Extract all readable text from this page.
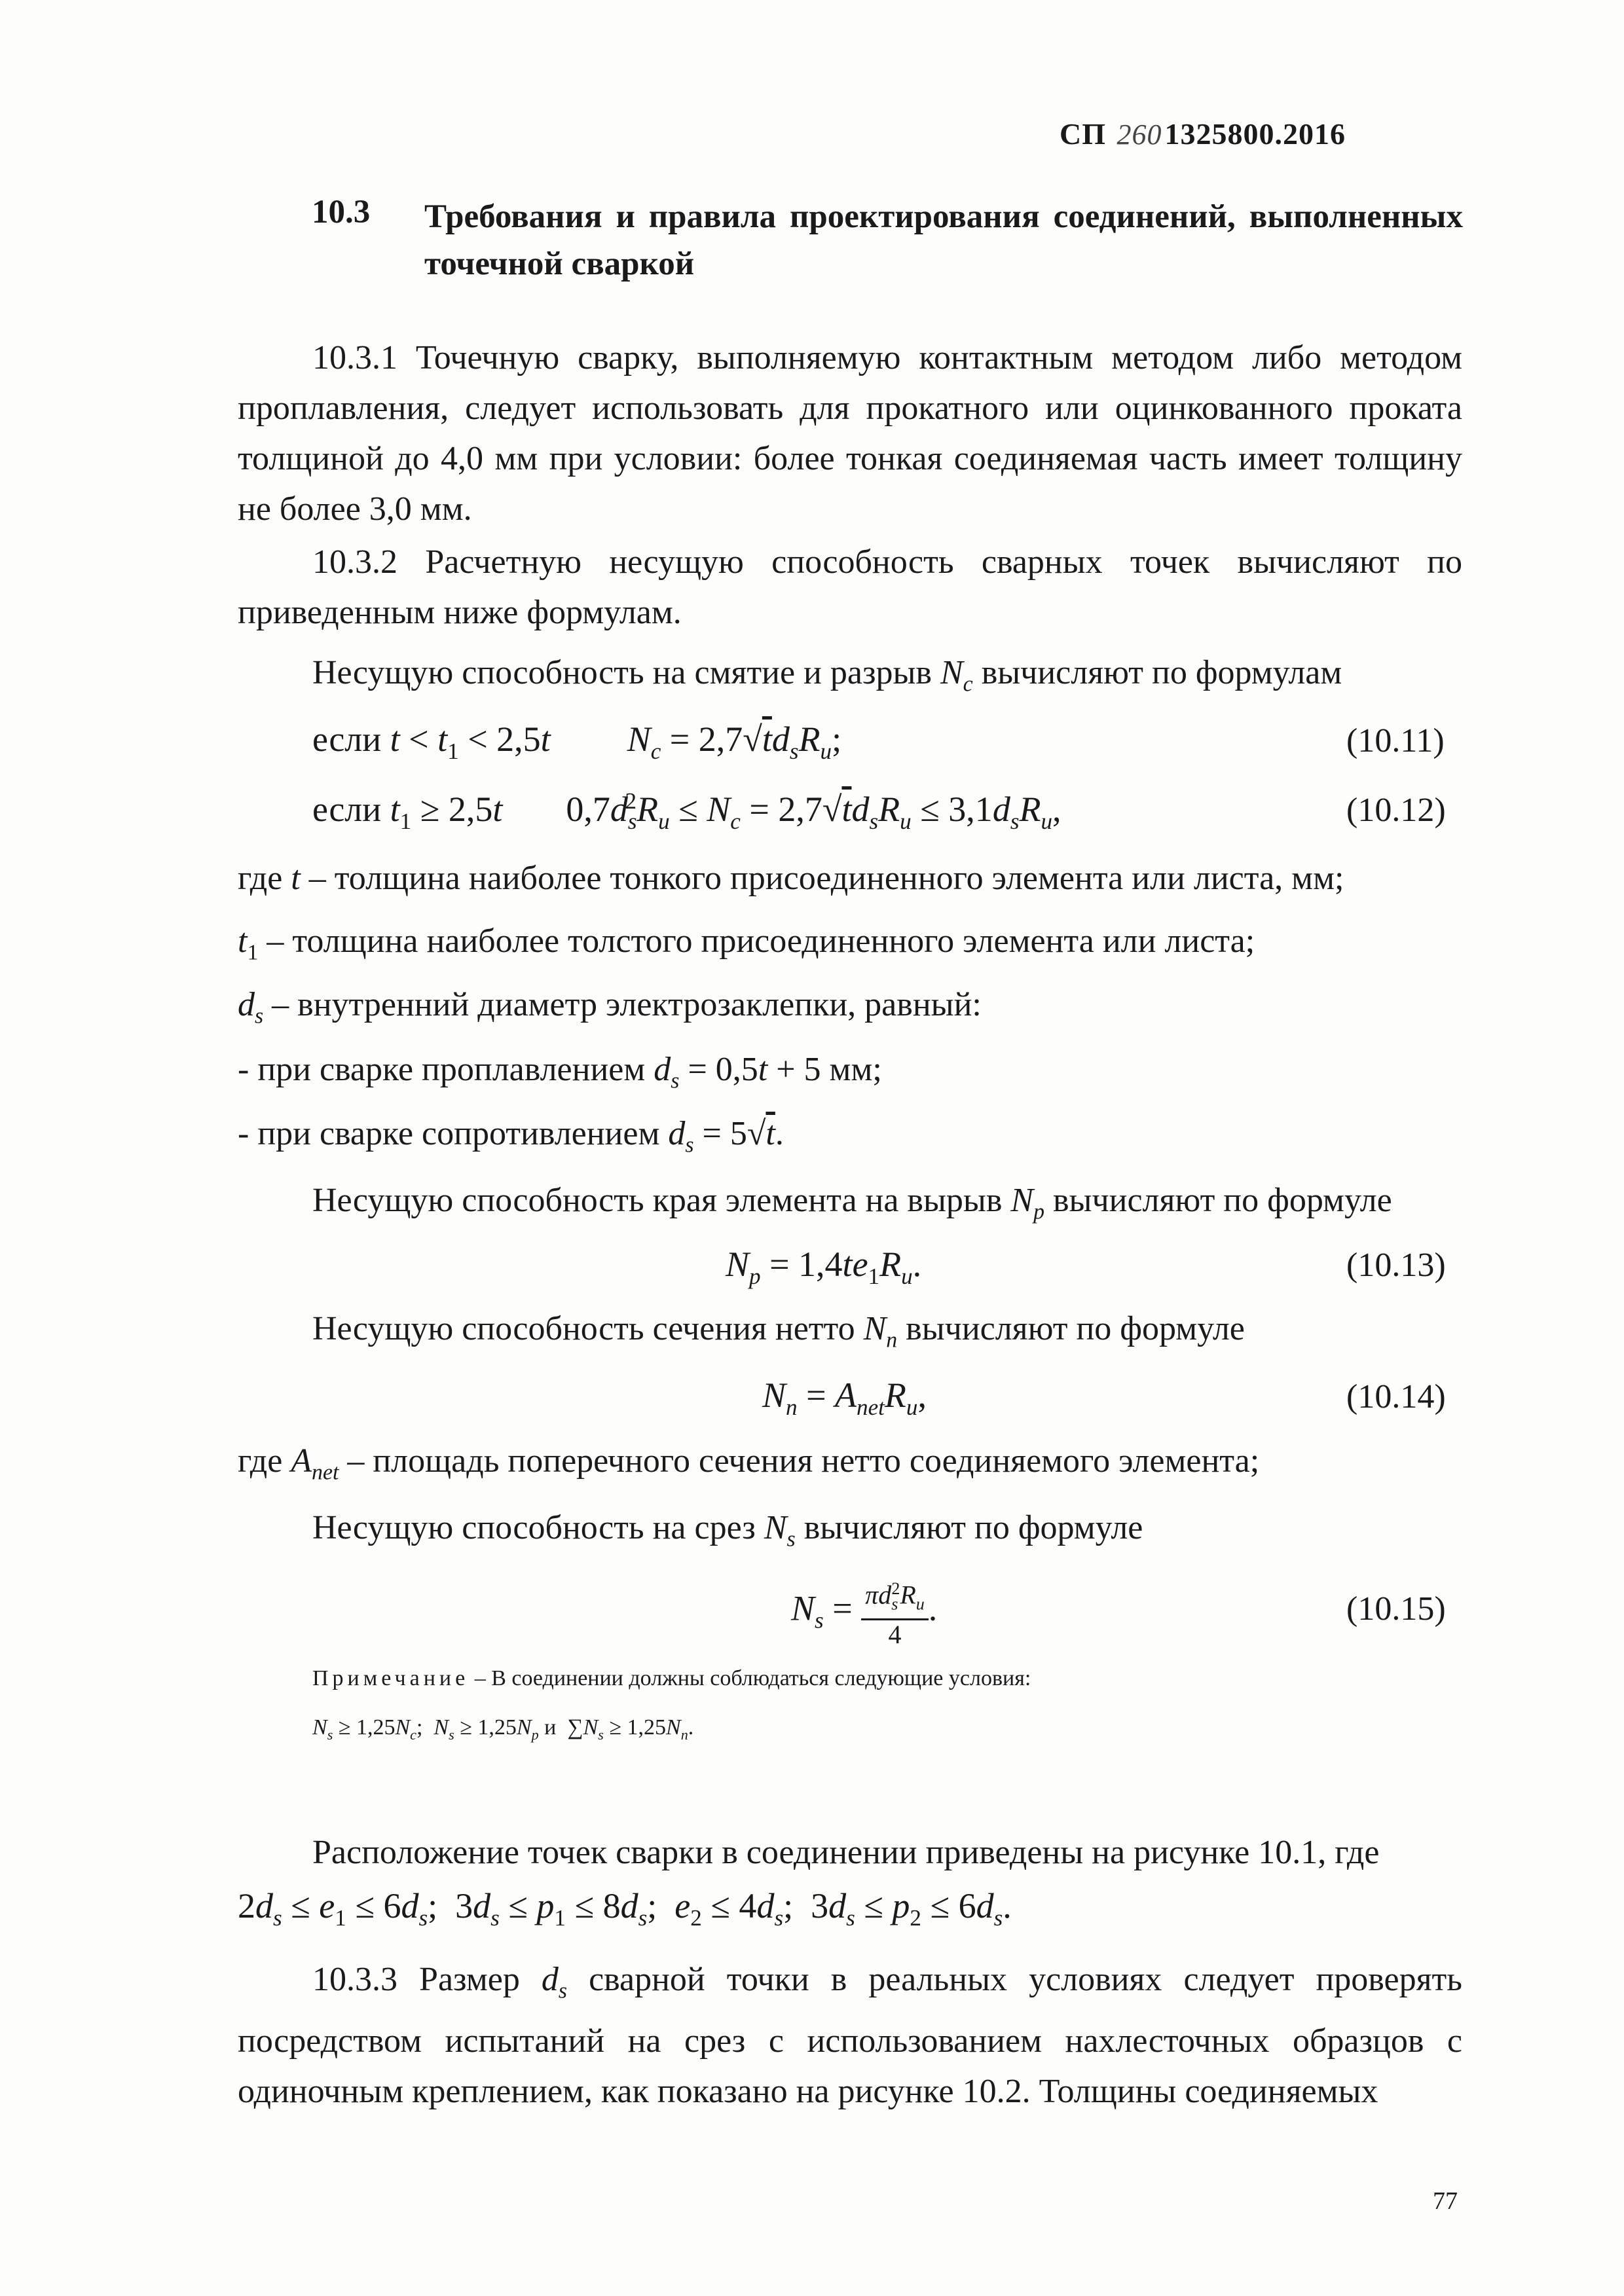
СП 2601325800.2016
10.3 Требования и правила проектирования соединений, выполненных точечной сваркой
10.3.1 Точечную сварку, выполняемую контактным методом либо методом проплавления, следует использовать для прокатного или оцинкованного проката толщиной до 4,0 мм при условии: более тонкая соединяемая часть имеет толщину не более 3,0 мм.
10.3.2 Расчетную несущую способность сварных точек вычисляют по приведенным ниже формулам.
Несущую способность на смятие и разрыв $N_c$ вычисляют по формулам
если $t < t_1 < 2,5t$ $N_c = 2,7√td_sR_u$;	(10.11)
если $t_1 \ge 2,5t$  $0,7d_s^2R_u \le N_c = 2,7√td_sR_u \le 3,1d_sR_u$,	(10.12)
где t – толщина наиболее тонкого присоединенного элемента или листа, мм;
$t_1$ – толщина наиболее толстого присоединенного элемента или листа;
$d_s$ – внутренний диаметр электрозаклепки, равный:
- при сварке проплавлением $d_s = 0,5t + 5$ мм;
- при сварке сопротивлением $d_s = 5√t$.
Несущую способность края элемента на вырыв $N_p$ вычисляют по формуле
$N_p = 1,4te_1R_u$.	(10.13)
Несущую способность сечения нетто $N_n$ вычисляют по формуле
$N_n = A_{net}R_u$,	(10.14)
где $A_{net}$ – площадь поперечного сечения нетто соединяемого элемента;
Несущую способность на срез $N_s$ вычисляют по формуле
$N_s = \frac{\pi d_s^2R_u}{4}$ .	(10.15)
Примечание – В соединении должны соблюдаться следующие условия:
$N_s \ge 1,25N_c$;  $N_s \ge 1,25N_p$ и  $\sum N_s \ge 1,25N_n$.
Расположение точек сварки в соединении приведены на рисунке 10.1, где
$2d_s \le e_1 \le 6d_s$;  $3d_s \le p_1 \le 8d_s$;  $e_2 \le 4d_s$;  $3d_s \le p_2 \le 6d_s$.
10.3.3 Размер $d_s$ сварной точки в реальных условиях следует проверять посредством испытаний на срез с использованием нахлесточных образцов с одиночным креплением, как показано на рисунке 10.2. Толщины соединяемых
77
